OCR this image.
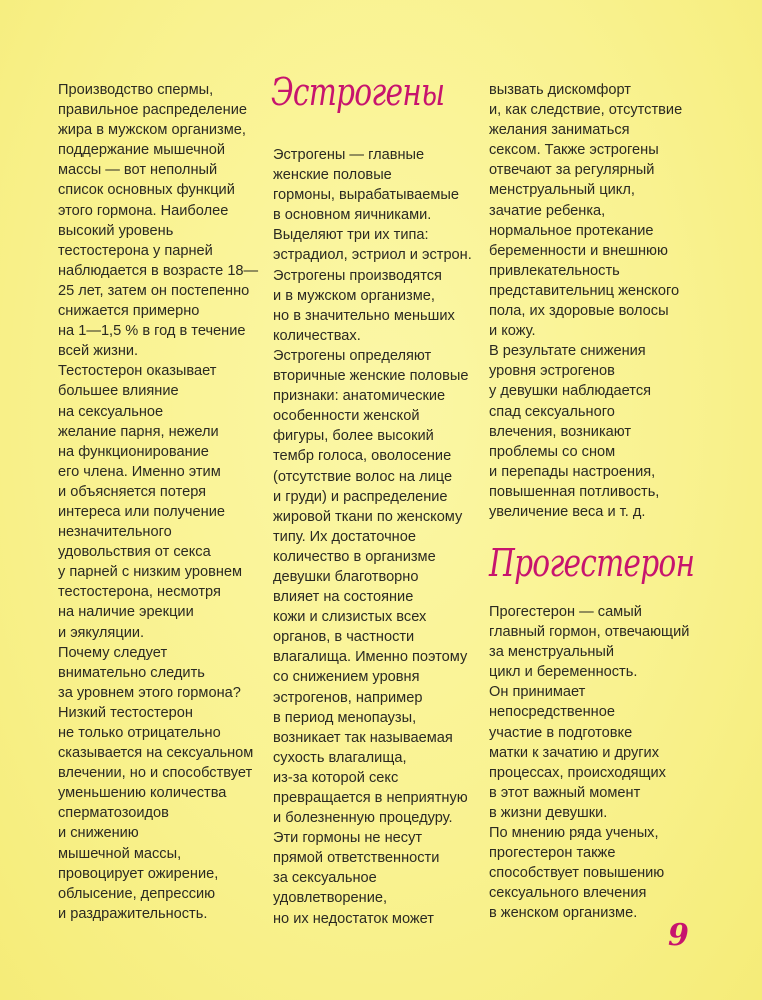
Производство спермы,
правильное распределение
жира в мужском организме,
поддержание мышечной
массы — вот неполный
список основных функций
этого гормона. Наиболее
высокий уровень
тестостерона у парней
наблюдается в возрасте 18—
25 лет, затем он постепенно
снижается примерно
на 1—1,5 % в год в течение
всей жизни.
Тестостерон оказывает
большее влияние
на сексуальное
желание парня, нежели
на функционирование
его члена. Именно этим
и объясняется потеря
интереса или получение
незначительного
удовольствия от секса
у парней с низким уровнем
тестостерона, несмотря
на наличие эрекции
и эякуляции.
Почему следует
внимательно следить
за уровнем этого гормона?
Низкий тестостерон
не только отрицательно
сказывается на сексуальном
влечении, но и способствует
уменьшению количества
сперматозоидов
и снижению
мышечной массы,
провоцирует ожирение,
облысение, депрессию
и раздражительность.
Эстрогены
Эстрогены — главные
женские половые
гормоны, вырабатываемые
в основном яичниками.
Выделяют три их типа:
эстрадиол, эстриол и эстрон.
Эстрогены производятся
и в мужском организме,
но в значительно меньших
количествах.
Эстрогены определяют
вторичные женские половые
признаки: анатомические
особенности женской
фигуры, более высокий
тембр голоса, оволосение
(отсутствие волос на лице
и груди) и распределение
жировой ткани по женскому
типу. Их достаточное
количество в организме
девушки благотворно
влияет на состояние
кожи и слизистых всех
органов, в частности
влагалища. Именно поэтому
со снижением уровня
эстрогенов, например
в период менопаузы,
возникает так называемая
сухость влагалища,
из-за которой секс
превращается в неприятную
и болезненную процедуру.
Эти гормоны не несут
прямой ответственности
за сексуальное
удовлетворение,
но их недостаток может
вызвать дискомфорт
и, как следствие, отсутствие
желания заниматься
сексом. Также эстрогены
отвечают за регулярный
менструальный цикл,
зачатие ребенка,
нормальное протекание
беременности и внешнюю
привлекательность
представительниц женского
пола, их здоровые волосы
и кожу.
В результате снижения
уровня эстрогенов
у девушки наблюдается
спад сексуального
влечения, возникают
проблемы со сном
и перепады настроения,
повышенная потливость,
увеличение веса и т. д.
Прогестерон
Прогестерон — самый
главный гормон, отвечающий
за менструальный
цикл и беременность.
Он принимает
непосредственное
участие в подготовке
матки к зачатию и других
процессах, происходящих
в этот важный момент
в жизни девушки.
По мнению ряда ученых,
прогестерон также
способствует повышению
сексуального влечения
в женском организме.
9
